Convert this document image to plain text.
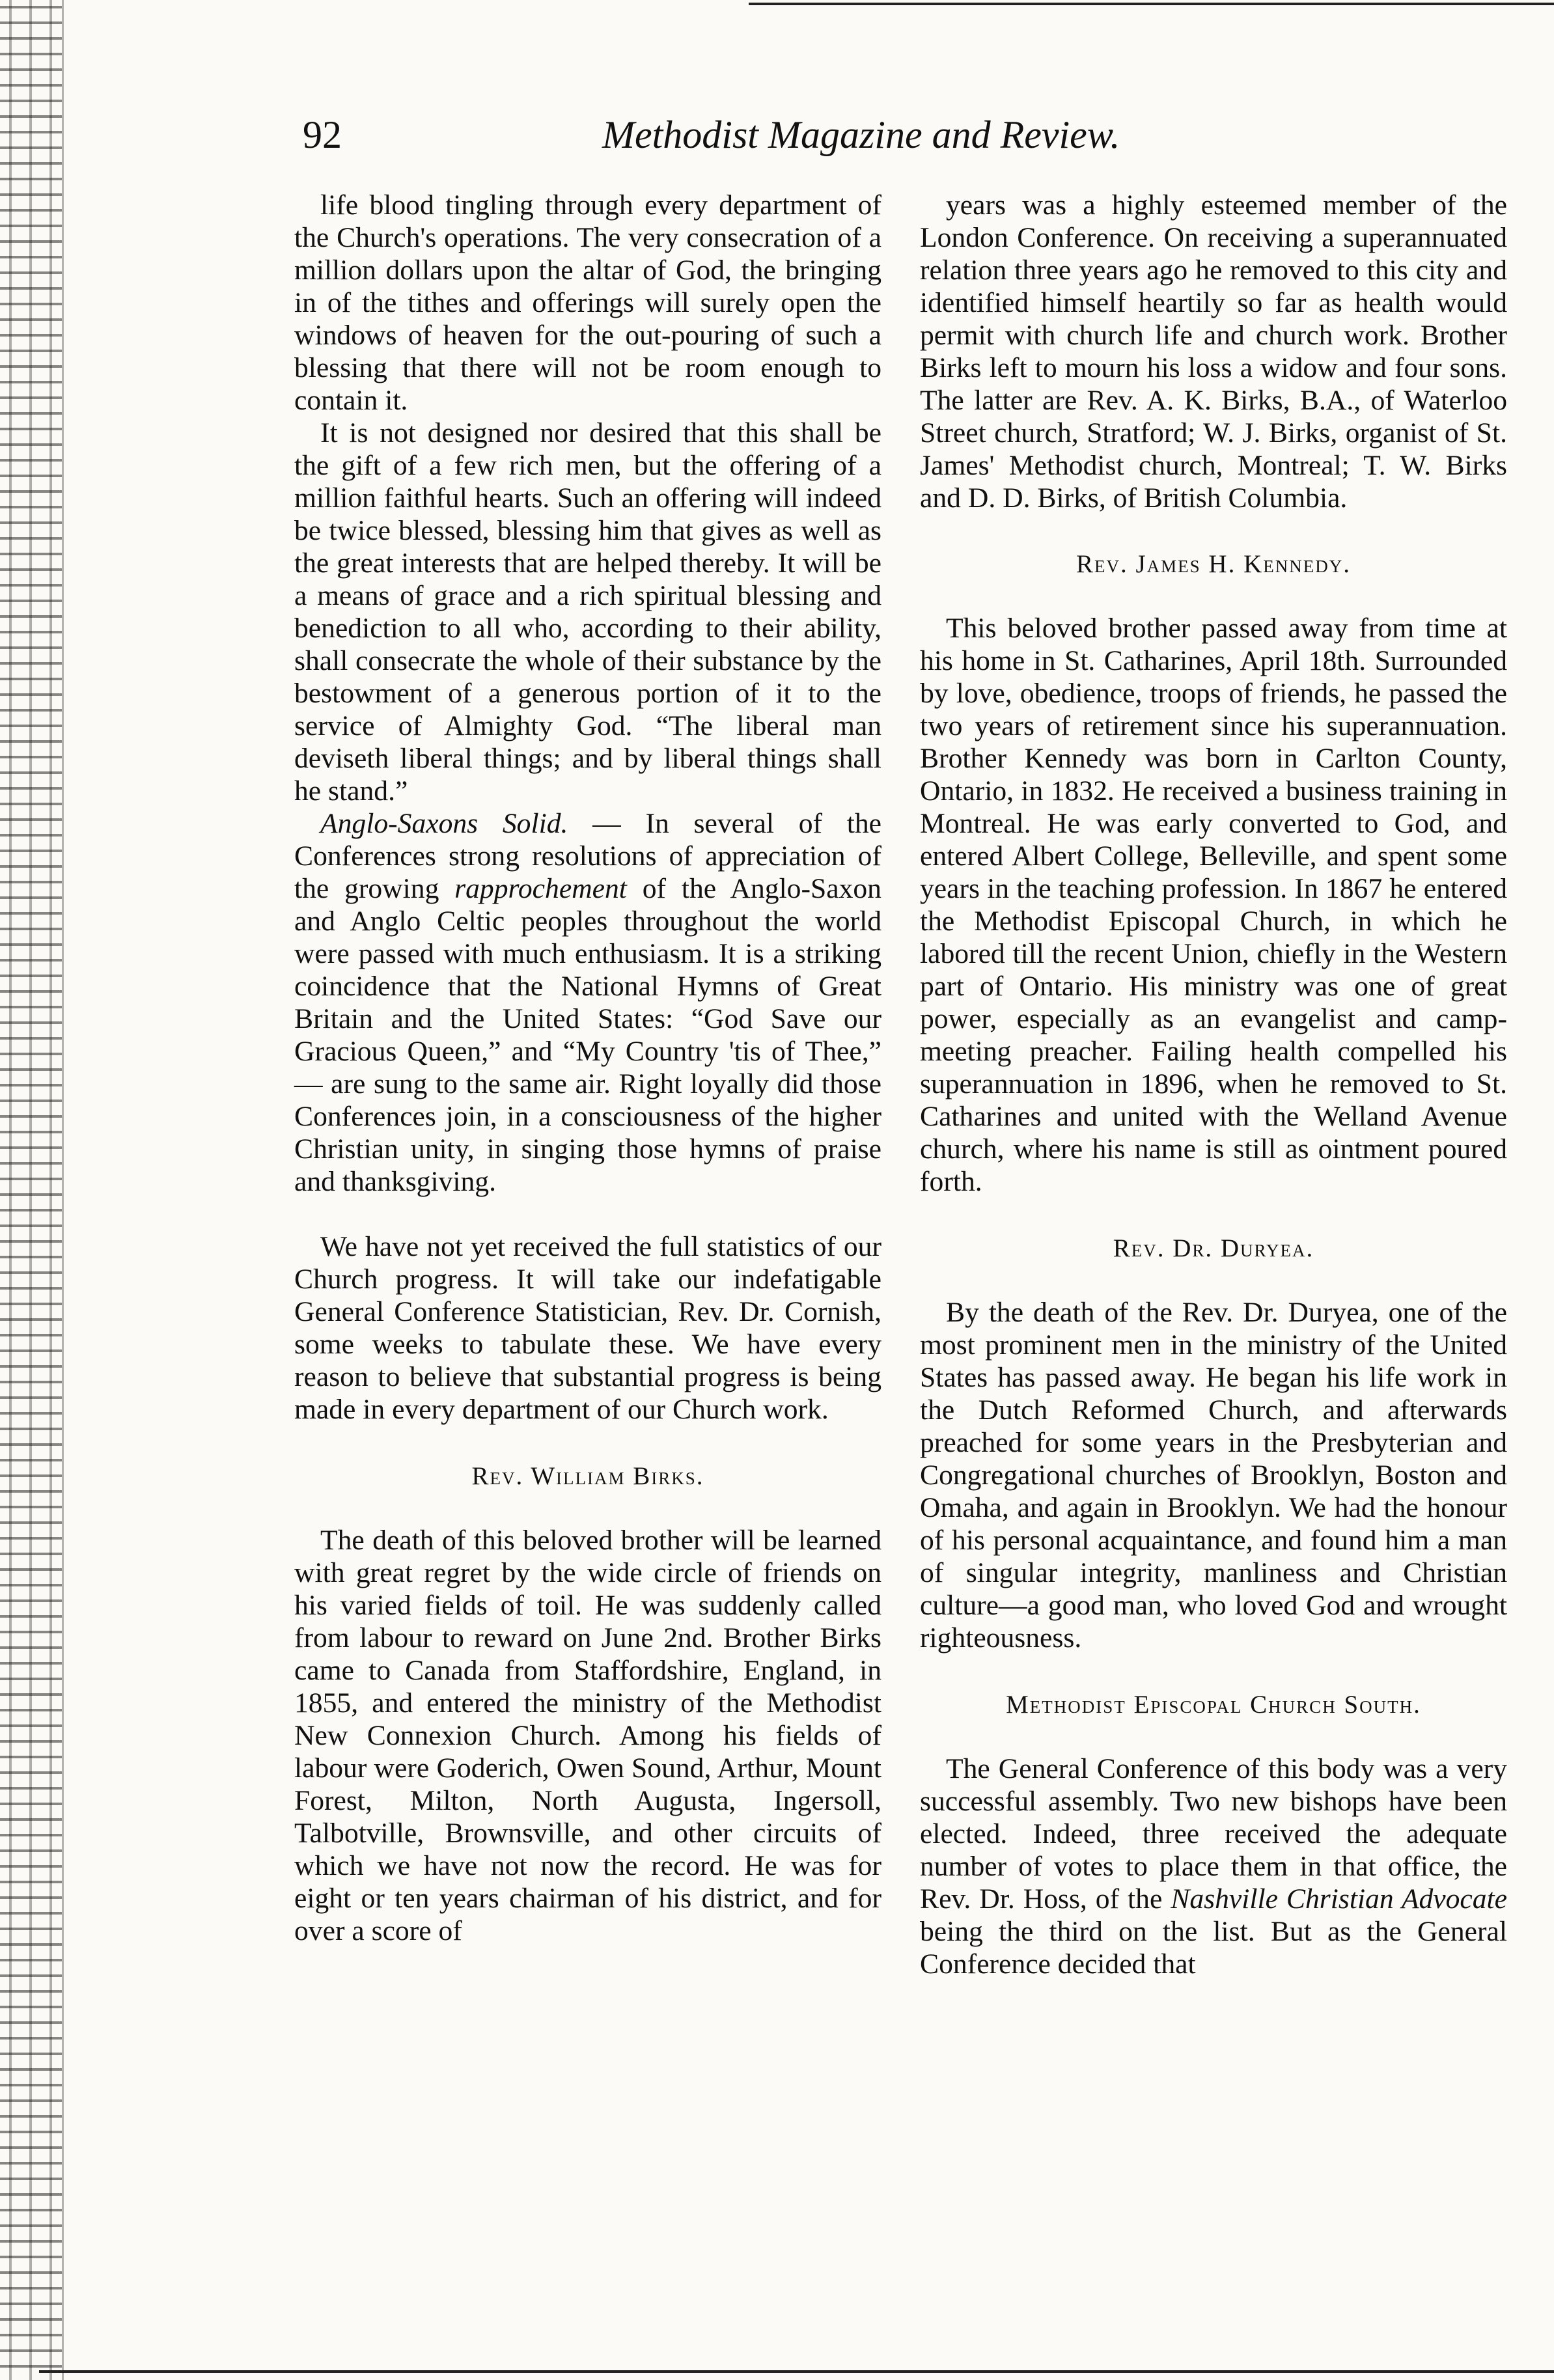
92	Methodist Magazine and Review.

life blood tingling through every department of the Church's operations. The very consecration of a million dollars upon the altar of God, the bringing in of the tithes and offerings will surely open the windows of heaven for the out-pouring of such a blessing that there will not be room enough to contain it.

It is not designed nor desired that this shall be the gift of a few rich men, but the offering of a million faithful hearts. Such an offering will indeed be twice blessed, blessing him that gives as well as the great interests that are helped thereby. It will be a means of grace and a rich spiritual blessing and benediction to all who, according to their ability, shall consecrate the whole of their substance by the bestowment of a generous portion of it to the service of Almighty God. “The liberal man deviseth liberal things; and by liberal things shall he stand.”

Anglo-Saxons Solid. — In several of the Conferences strong resolutions of appreciation of the growing rapprochement of the Anglo-Saxon and Anglo Celtic peoples throughout the world were passed with much enthusiasm. It is a striking coincidence that the National Hymns of Great Britain and the United States: “God Save our Gracious Queen,” and “My Country 'tis of Thee,” — are sung to the same air. Right loyally did those Conferences join, in a consciousness of the higher Christian unity, in singing those hymns of praise and thanksgiving.

We have not yet received the full statistics of our Church progress. It will take our indefatigable General Conference Statistician, Rev. Dr. Cornish, some weeks to tabulate these. We have every reason to believe that substantial progress is being made in every department of our Church work.

Rev. William Birks.

The death of this beloved brother will be learned with great regret by the wide circle of friends on his varied fields of toil. He was suddenly called from labour to reward on June 2nd. Brother Birks came to Canada from Staffordshire, England, in 1855, and entered the ministry of the Methodist New Connexion Church. Among his fields of labour were Goderich, Owen Sound, Arthur, Mount Forest, Milton, North Augusta, Ingersoll, Talbotville, Brownsville, and other circuits of which we have not now the record. He was for eight or ten years chairman of his district, and for over a score of

years was a highly esteemed member of the London Conference. On receiving a superannuated relation three years ago he removed to this city and identified himself heartily so far as health would permit with church life and church work. Brother Birks left to mourn his loss a widow and four sons. The latter are Rev. A. K. Birks, B.A., of Waterloo Street church, Stratford; W. J. Birks, organist of St. James' Methodist church, Montreal; T. W. Birks and D. D. Birks, of British Columbia.

Rev. James H. Kennedy.

This beloved brother passed away from time at his home in St. Catharines, April 18th. Surrounded by love, obedience, troops of friends, he passed the two years of retirement since his superannuation. Brother Kennedy was born in Carlton County, Ontario, in 1832. He received a business training in Montreal. He was early converted to God, and entered Albert College, Belleville, and spent some years in the teaching profession. In 1867 he entered the Methodist Episcopal Church, in which he labored till the recent Union, chiefly in the Western part of Ontario. His ministry was one of great power, especially as an evangelist and camp-meeting preacher. Failing health compelled his superannuation in 1896, when he removed to St. Catharines and united with the Welland Avenue church, where his name is still as ointment poured forth.

Rev. Dr. Duryea.

By the death of the Rev. Dr. Duryea, one of the most prominent men in the ministry of the United States has passed away. He began his life work in the Dutch Reformed Church, and afterwards preached for some years in the Presbyterian and Congregational churches of Brooklyn, Boston and Omaha, and again in Brooklyn. We had the honour of his personal acquaintance, and found him a man of singular integrity, manliness and Christian culture—a good man, who loved God and wrought righteousness.

Methodist Episcopal Church South.

The General Conference of this body was a very successful assembly. Two new bishops have been elected. Indeed, three received the adequate number of votes to place them in that office, the Rev. Dr. Hoss, of the Nashville Christian Advocate being the third on the list. But as the General Conference decided that
